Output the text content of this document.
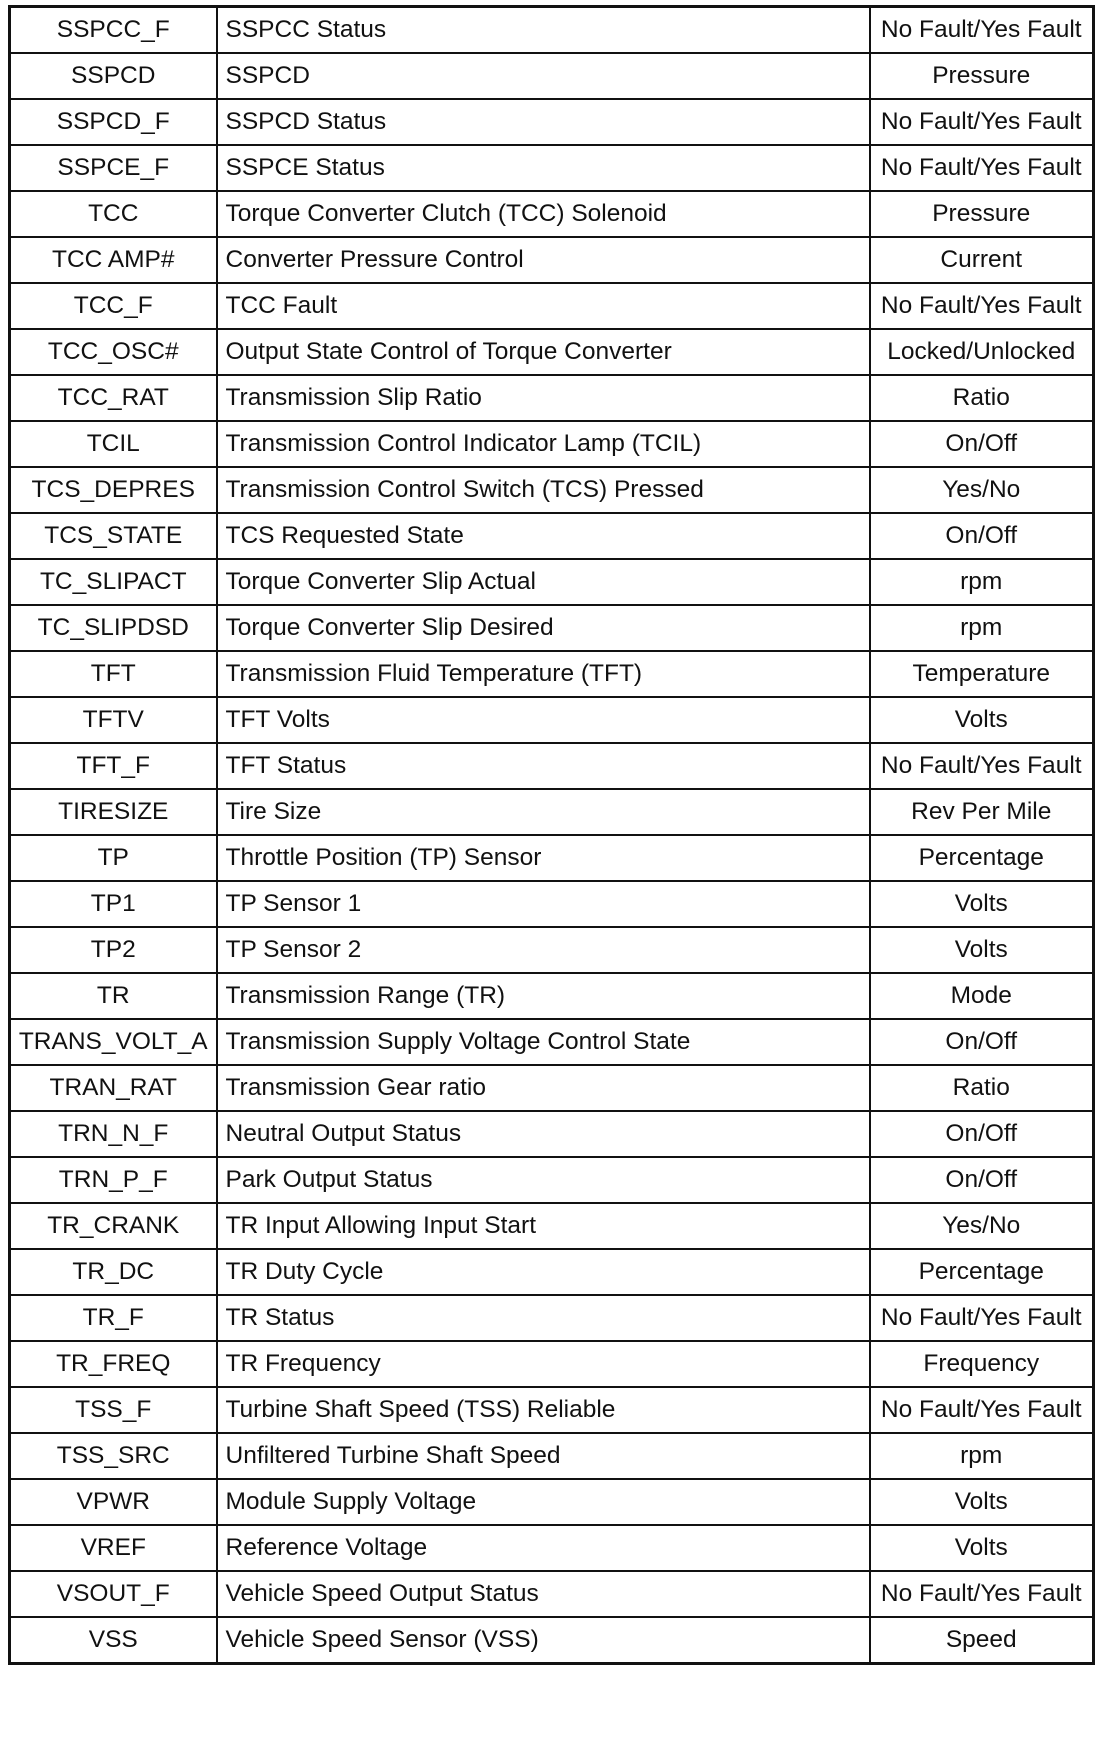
SSPCC_F	SSPCC Status	No Fault/Yes Fault
SSPCD	SSPCD	Pressure
SSPCD_F	SSPCD Status	No Fault/Yes Fault
SSPCE_F	SSPCE Status	No Fault/Yes Fault
TCC	Torque Converter Clutch (TCC) Solenoid	Pressure
TCC AMP#	Converter Pressure Control	Current
TCC_F	TCC Fault	No Fault/Yes Fault
TCC_OSC#	Output State Control of Torque Converter	Locked/Unlocked
TCC_RAT	Transmission Slip Ratio	Ratio
TCIL	Transmission Control Indicator Lamp (TCIL)	On/Off
TCS_DEPRES	Transmission Control Switch (TCS) Pressed	Yes/No
TCS_STATE	TCS Requested State	On/Off
TC_SLIPACT	Torque Converter Slip Actual	rpm
TC_SLIPDSD	Torque Converter Slip Desired	rpm
TFT	Transmission Fluid Temperature (TFT)	Temperature
TFTV	TFT Volts	Volts
TFT_F	TFT Status	No Fault/Yes Fault
TIRESIZE	Tire Size	Rev Per Mile
TP	Throttle Position (TP) Sensor	Percentage
TP1	TP Sensor 1	Volts
TP2	TP Sensor 2	Volts
TR	Transmission Range (TR)	Mode
TRANS_VOLT_A	Transmission Supply Voltage Control State	On/Off
TRAN_RAT	Transmission Gear ratio	Ratio
TRN_N_F	Neutral Output Status	On/Off
TRN_P_F	Park Output Status	On/Off
TR_CRANK	TR Input Allowing Input Start	Yes/No
TR_DC	TR Duty Cycle	Percentage
TR_F	TR Status	No Fault/Yes Fault
TR_FREQ	TR Frequency	Frequency
TSS_F	Turbine Shaft Speed (TSS) Reliable	No Fault/Yes Fault
TSS_SRC	Unfiltered Turbine Shaft Speed	rpm
VPWR	Module Supply Voltage	Volts
VREF	Reference Voltage	Volts
VSOUT_F	Vehicle Speed Output Status	No Fault/Yes Fault
VSS	Vehicle Speed Sensor (VSS)	Speed
